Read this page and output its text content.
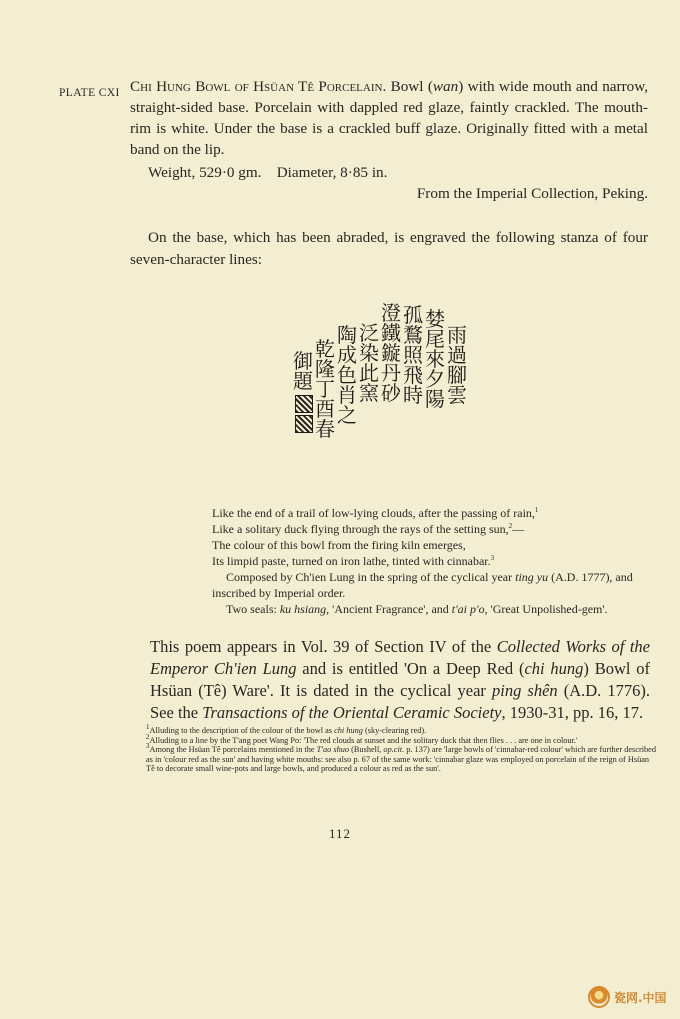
PLATE CXI Chi Hung Bowl of Hsüan Tê Porcelain. Bowl (wan) with wide mouth and narrow, straight-sided base. Porcelain with dappled red glaze, faintly crackled. The mouth-rim is white. Under the base is a crackled buff glaze. Originally fitted with a metal band on the lip.
Weight, 529·0 gm.    Diameter, 8·85 in.
From the Imperial Collection, Peking.
On the base, which has been abraded, is engraved the following stanza of four seven-character lines:
雨
過
腳
雲
婪
尾
來
夕
陽
孤
鶩
照
飛
時
澄
鐵
鏇
丹
砂
泛
染
此
窯
陶
成
色
肖
之
乾
隆
丁
酉
春
御
題
Like the end of a trail of low-lying clouds, after the passing of rain,$^1$
Like a solitary duck flying through the rays of the setting sun,$^2$—
The colour of this bowl from the firing kiln emerges,
Its limpid paste, turned on iron lathe, tinted with cinnabar.$^3$

Composed by Ch'ien Lung in the spring of the cyclical year ting yu (A.D. 1777), and inscribed by Imperial order.

Two seals: ku hsiang, 'Ancient Fragrance', and t'ai p'o, 'Great Unpolished-gem'.

This poem appears in Vol. 39 of Section IV of the Collected Works of the Emperor Ch'ien Lung and is entitled 'On a Deep Red (chi hung) Bowl of Hsüan (Tê) Ware'. It is dated in the cyclical year ping shên (A.D. 1776). See the Transactions of the Oriental Ceramic Society, 1930-31, pp. 16, 17.

$^1$Alluding to the description of the colour of the bowl as chi hung (sky-clearing red).

$^2$Alluding to a line by the T'ang poet Wang Po: 'The red clouds at sunset and the solitary duck that then flies . . . are one in colour.'

$^3$Among the Hsüan Tê porcelains mentioned in the T'ao shuo (Bushell, op.cit. p. 137) are 'large bowls of 'cinnabar-red colour' which are further described as in 'colour red as the sun' and having white mouths: see also p. 67 of the same work: 'cinnabar glaze was employed on porcelain of the reign of Hsüan Tê to decorate small wine-pots and large bowls, and produced a colour as red as the sun'.

112
瓷网.中国
